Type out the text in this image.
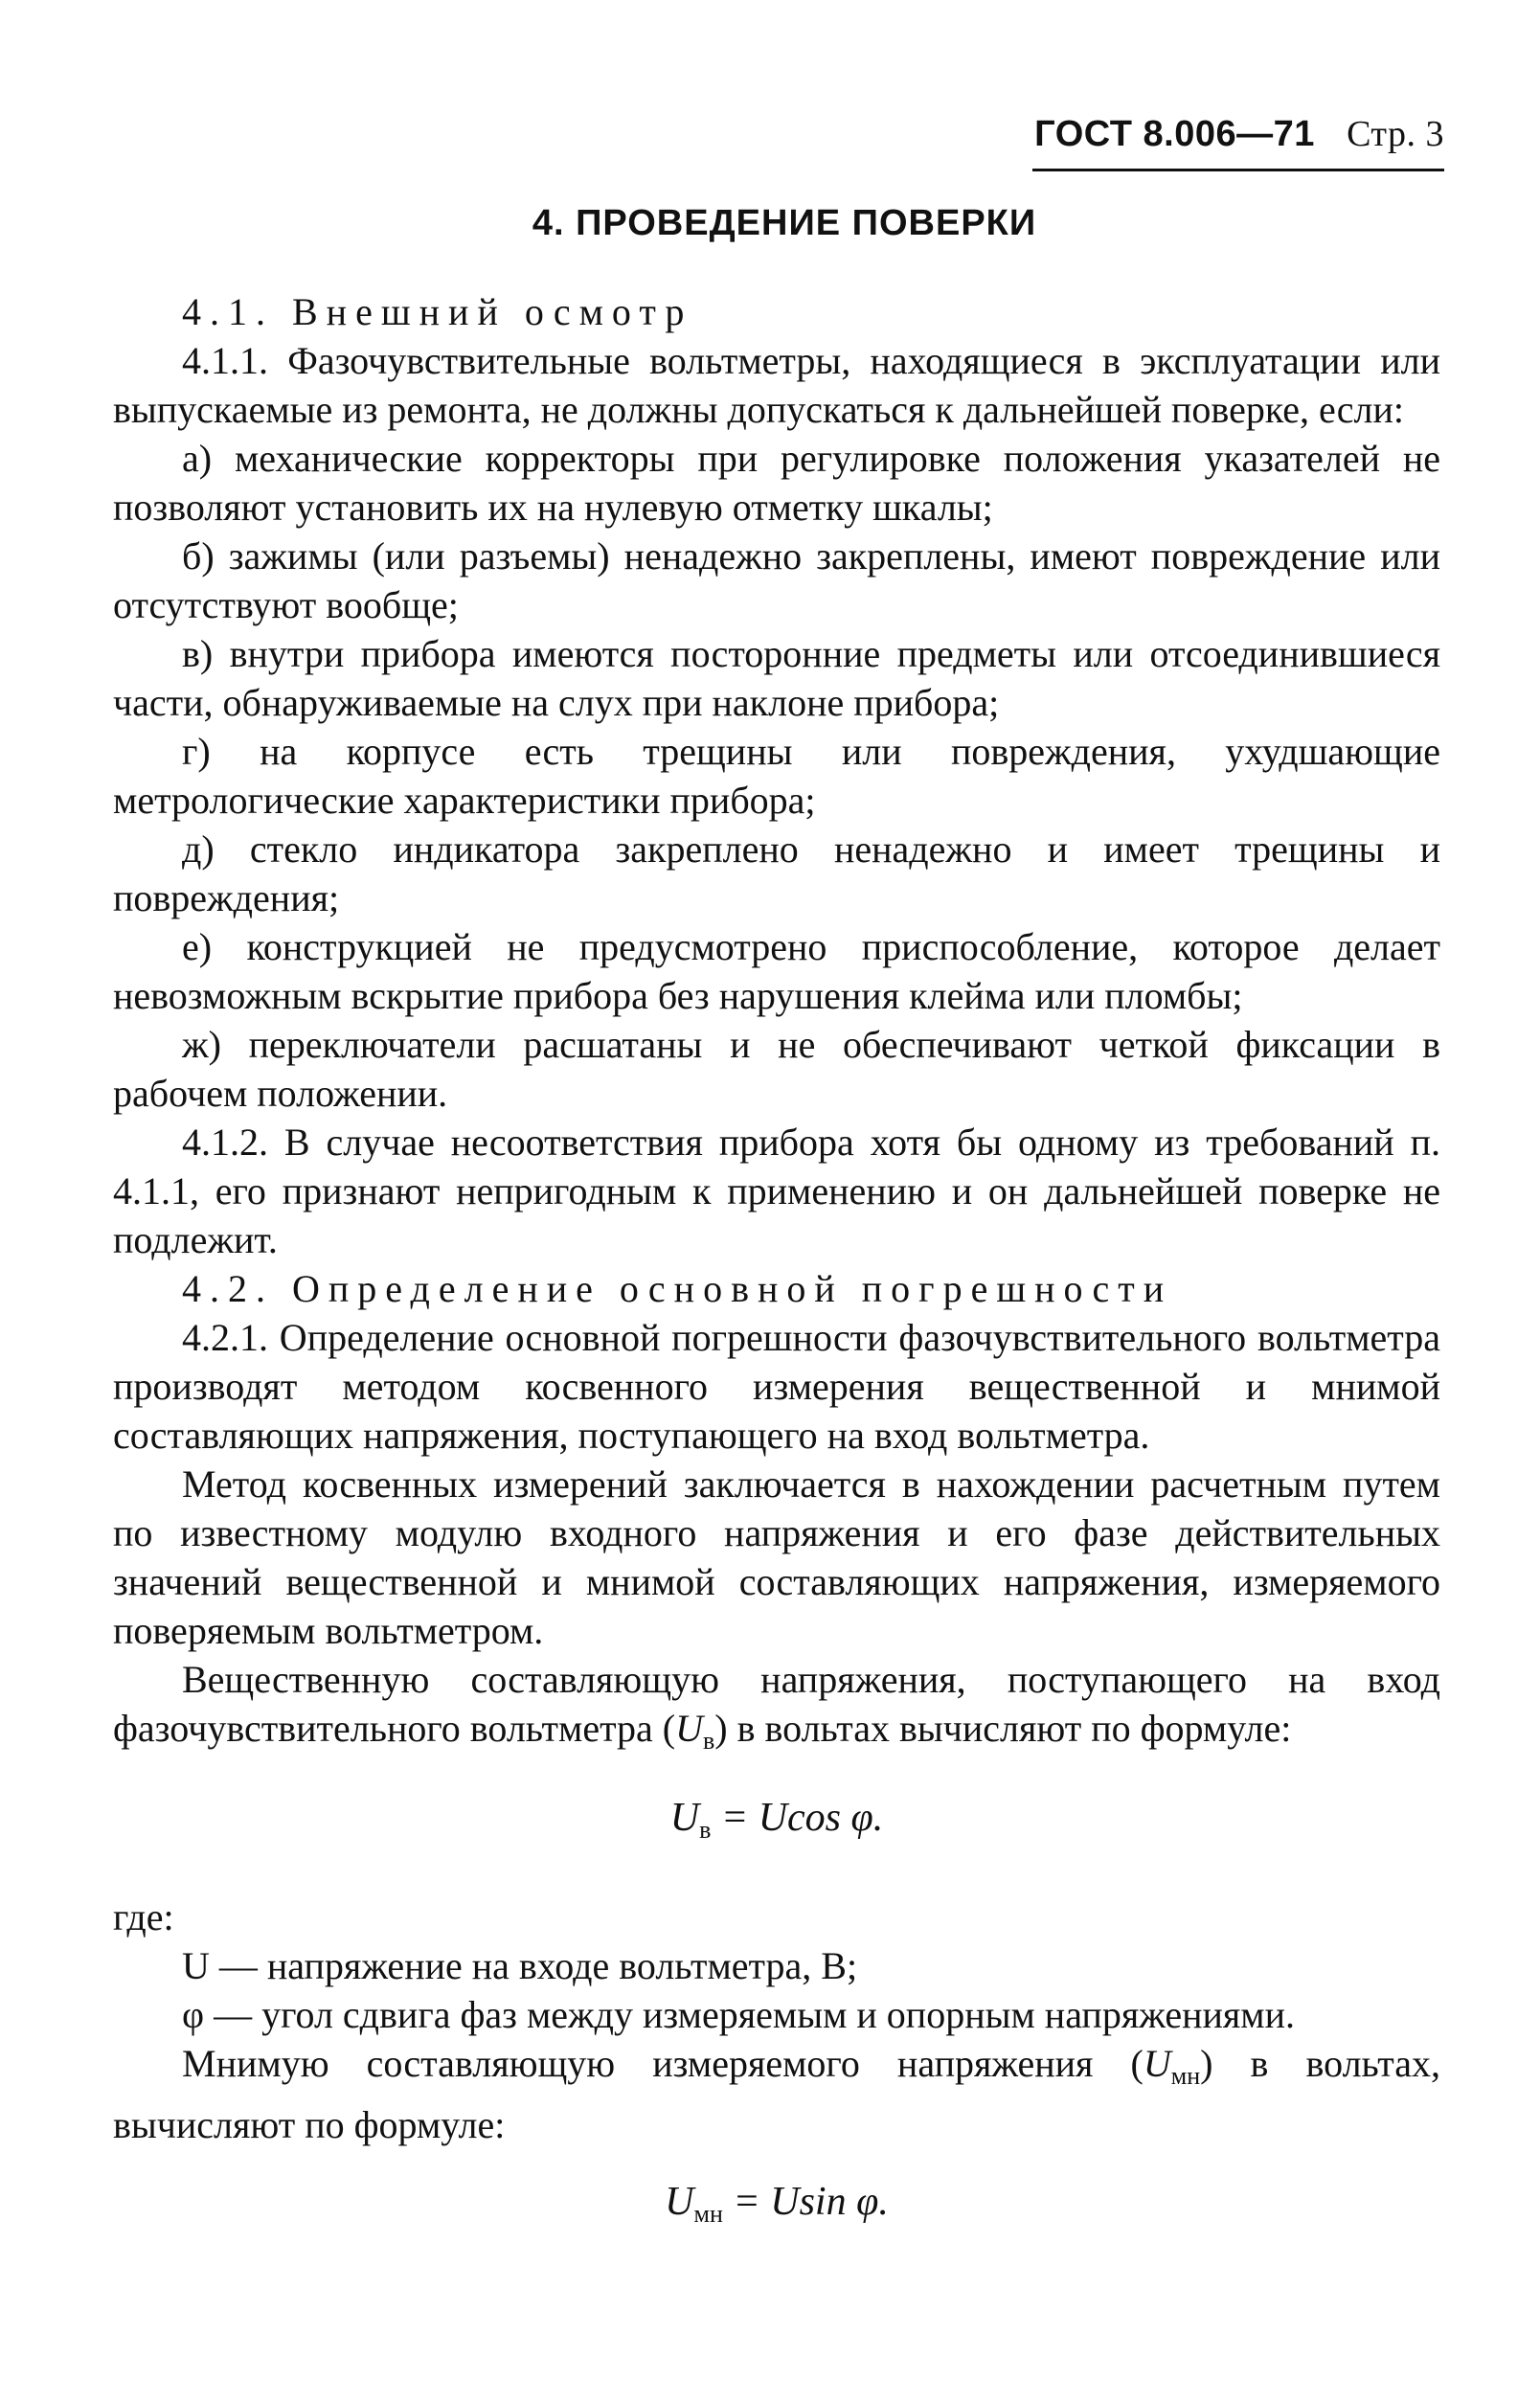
ГОСТ 8.006—71 Стр. 3
4. ПРОВЕДЕНИЕ ПОВЕРКИ

4.1. Внешний осмотр

4.1.1. Фазочувствительные вольтметры, находящиеся в эксплуатации или выпускаемые из ремонта, не должны допускаться к дальнейшей поверке, если:

а) механические корректоры при регулировке положения указателей не позволяют установить их на нулевую отметку шкалы;

б) зажимы (или разъемы) ненадежно закреплены, имеют повреждение или отсутствуют вообще;

в) внутри прибора имеются посторонние предметы или отсоединившиеся части, обнаруживаемые на слух при наклоне прибора;

г) на корпусе есть трещины или повреждения, ухудшающие метрологические характеристики прибора;

д) стекло индикатора закреплено ненадежно и имеет трещины и повреждения;

е) конструкцией не предусмотрено приспособление, которое делает невозможным вскрытие прибора без нарушения клейма или пломбы;

ж) переключатели расшатаны и не обеспечивают четкой фиксации в рабочем положении.

4.1.2. В случае несоответствия прибора хотя бы одному из требований п. 4.1.1, его признают непригодным к применению и он дальнейшей поверке не подлежит.

4.2. Определение основной погрешности

4.2.1. Определение основной погрешности фазочувствительного вольтметра производят методом косвенного измерения вещественной и мнимой составляющих напряжения, поступающего на вход вольтметра.

Метод косвенных измерений заключается в нахождении расчетным путем по известному модулю входного напряжения и его фазе действительных значений вещественной и мнимой составляющих напряжения, измеряемого поверяемым вольтметром.

Вещественную составляющую напряжения, поступающего на вход фазочувствительного вольтметра $(U_в)$ в вольтах вычисляют по формуле:

$U_в = Ucos$ φ.

где:

U — напряжение на входе вольтметра, В;

φ — угол сдвига фаз между измеряемым и опорным напряжениями.

Мнимую составляющую измеряемого напряжения $(U_{мн})$ в вольтах, вычисляют по формуле:

$U_{мн} = Usin$ φ.
